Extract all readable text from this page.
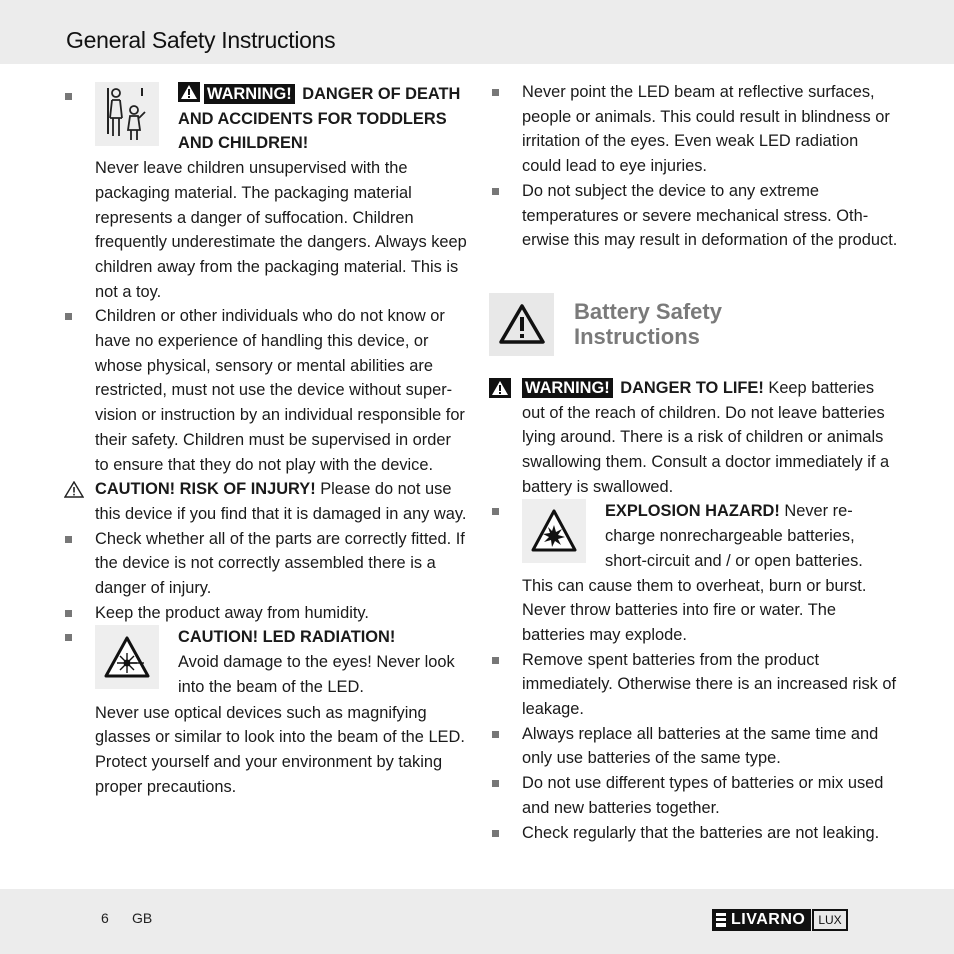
General Safety Instructions

WARNING! DANGER OF DEATH AND ACCIDENTS FOR TODDLERS AND CHILDREN!

Never leave children unsupervised with the packaging material. The packaging material represents a danger of suffocation. Children frequently underestimate the dangers. Always keep children away from the packaging material. This is not a toy.

Children or other individuals who do not know or have no experience of handling this device, or whose physical, sensory or mental abilities are restricted, must not use the device without super-vision or instruction by an individual responsible for their safety. Children must be supervised in order to ensure that they do not play with the device.

CAUTION! RISK OF INJURY! Please do not use this device if you find that it is damaged in any way.

Check whether all of the parts are correctly fitted. If the device is not correctly assembled there is a danger of injury.

Keep the product away from humidity.

CAUTION! LED RADIATION!

Avoid damage to the eyes! Never look into the beam of the LED.

Never use optical devices such as magnifying glasses or similar to look into the beam of the LED. Protect yourself and your environment by taking proper precautions.

Never point the LED beam at reflective surfaces, people or animals. This could result in blindness or irritation of the eyes. Even weak LED radiation could lead to eye injuries.

Do not subject the device to any extreme temperatures or severe mechanical stress. Oth-erwise this may result in deformation of the product.

Battery Safety
Instructions

WARNING! DANGER TO LIFE! Keep batteries out of the reach of children. Do not leave batteries lying around. There is a risk of children or animals swallowing them. Consult a doctor immediately if a battery is swallowed.

EXPLOSION HAZARD! Never re-charge nonrechargeable batteries, short-circuit and / or open batteries.

This can cause them to overheat, burn or burst. Never throw batteries into fire or water. The batteries may explode.

Remove spent batteries from the product immediately. Otherwise there is an increased risk of leakage.

Always replace all batteries at the same time and only use batteries of the same type.

Do not use different types of batteries or mix used and new batteries together.

Check regularly that the batteries are not leaking.

6 GB	LIVARNO	LUX
